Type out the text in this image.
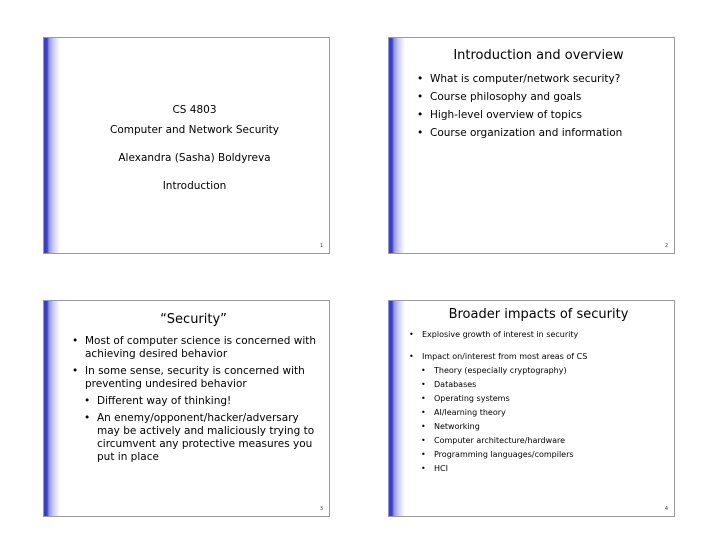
CS 4803
Computer and Network Security
Alexandra (Sasha) Boldyreva
Introduction
1
Introduction and overview
• What is computer/network security?
• Course philosophy and goals
• High-level overview of topics
• Course organization and information
2
“Security”
• Most of computer science is concerned with achieving desired behavior
• In some sense, security is concerned with preventing undesired behavior
• Different way of thinking!
• An enemy/opponent/hacker/adversary may be actively and maliciously trying to circumvent any protective measures you put in place
3
Broader impacts of security
• Explosive growth of interest in security
• Impact on/interest from most areas of CS
• Theory (especially cryptography)
• Databases
• Operating systems
• AI/learning theory
• Networking
• Computer architecture/hardware
• Programming languages/compilers
• HCI
4
